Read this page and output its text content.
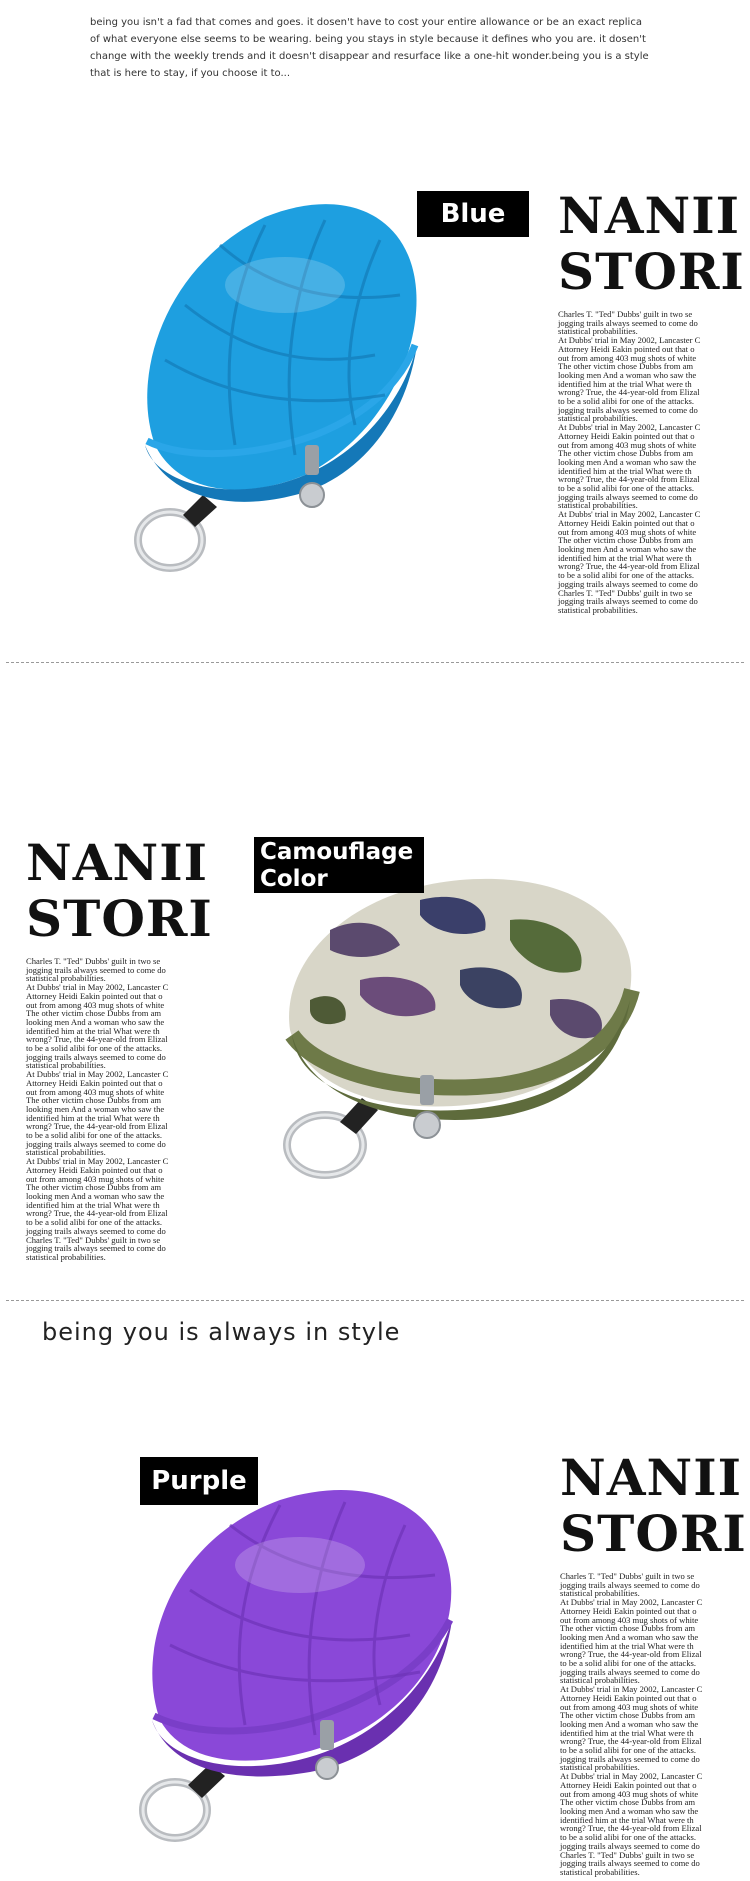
being you isn't a fad that comes and goes. it dosen't have to cost your entire allowance or be an exact replica of what everyone else seems to be wearing. being you stays in style because it defines who you are. it dosen't change with the weekly trends and it doesn't disappear and resurface like a one-hit wonder.being you is a style that is here to stay, if you choose it to...
NANII
STORI
Charles T. "Ted" Dubbs' guilt in two se
jogging trails always seemed to come do
statistical probabilities.
At Dubbs' trial in May 2002, Lancaster C
Attorney Heidi Eakin pointed out that o
out from among 403 mug shots of white
The other victim chose Dubbs from am
looking men And a woman who saw the
identified him at the trial What were th
wrong? True, the 44-year-old from Elizal
to be a solid alibi for one of the attacks.
jogging trails always seemed to come do
statistical probabilities.
At Dubbs' trial in May 2002, Lancaster C
Attorney Heidi Eakin pointed out that o
out from among 403 mug shots of white
The other victim chose Dubbs from am
looking men And a woman who saw the
identified him at the trial What were th
wrong? True, the 44-year-old from Elizal
to be a solid alibi for one of the attacks.
jogging trails always seemed to come do
statistical probabilities.
At Dubbs' trial in May 2002, Lancaster C
Attorney Heidi Eakin pointed out that o
out from among 403 mug shots of white
The other victim chose Dubbs from am
looking men And a woman who saw the
identified him at the trial What were th
wrong? True, the 44-year-old from Elizal
to be a solid alibi for one of the attacks.
jogging trails always seemed to come do
Charles T. "Ted" Dubbs' guilt in two se
jogging trails always seemed to come do
statistical probabilities.
Blue
NANII
STORI
Charles T. "Ted" Dubbs' guilt in two se
jogging trails always seemed to come do
statistical probabilities.
At Dubbs' trial in May 2002, Lancaster C
Attorney Heidi Eakin pointed out that o
out from among 403 mug shots of white
The other victim chose Dubbs from am
looking men And a woman who saw the
identified him at the trial What were th
wrong? True, the 44-year-old from Elizal
to be a solid alibi for one of the attacks.
jogging trails always seemed to come do
statistical probabilities.
At Dubbs' trial in May 2002, Lancaster C
Attorney Heidi Eakin pointed out that o
out from among 403 mug shots of white
The other victim chose Dubbs from am
looking men And a woman who saw the
identified him at the trial What were th
wrong? True, the 44-year-old from Elizal
to be a solid alibi for one of the attacks.
jogging trails always seemed to come do
statistical probabilities.
At Dubbs' trial in May 2002, Lancaster C
Attorney Heidi Eakin pointed out that o
out from among 403 mug shots of white
The other victim chose Dubbs from am
looking men And a woman who saw the
identified him at the trial What were th
wrong? True, the 44-year-old from Elizal
to be a solid alibi for one of the attacks.
jogging trails always seemed to come do
Charles T. "Ted" Dubbs' guilt in two se
jogging trails always seemed to come do
statistical probabilities.
Camouflage
Color
being you is always in style
NANII
STORI
Charles T. "Ted" Dubbs' guilt in two se
jogging trails always seemed to come do
statistical probabilities.
At Dubbs' trial in May 2002, Lancaster C
Attorney Heidi Eakin pointed out that o
out from among 403 mug shots of white
The other victim chose Dubbs from am
looking men And a woman who saw the
identified him at the trial What were th
wrong? True, the 44-year-old from Elizal
to be a solid alibi for one of the attacks.
jogging trails always seemed to come do
statistical probabilities.
At Dubbs' trial in May 2002, Lancaster C
Attorney Heidi Eakin pointed out that o
out from among 403 mug shots of white
The other victim chose Dubbs from am
looking men And a woman who saw the
identified him at the trial What were th
wrong? True, the 44-year-old from Elizal
to be a solid alibi for one of the attacks.
jogging trails always seemed to come do
statistical probabilities.
At Dubbs' trial in May 2002, Lancaster C
Attorney Heidi Eakin pointed out that o
out from among 403 mug shots of white
The other victim chose Dubbs from am
looking men And a woman who saw the
identified him at the trial What were th
wrong? True, the 44-year-old from Elizal
to be a solid alibi for one of the attacks.
jogging trails always seemed to come do
Charles T. "Ted" Dubbs' guilt in two se
jogging trails always seemed to come do
statistical probabilities.
Purple
